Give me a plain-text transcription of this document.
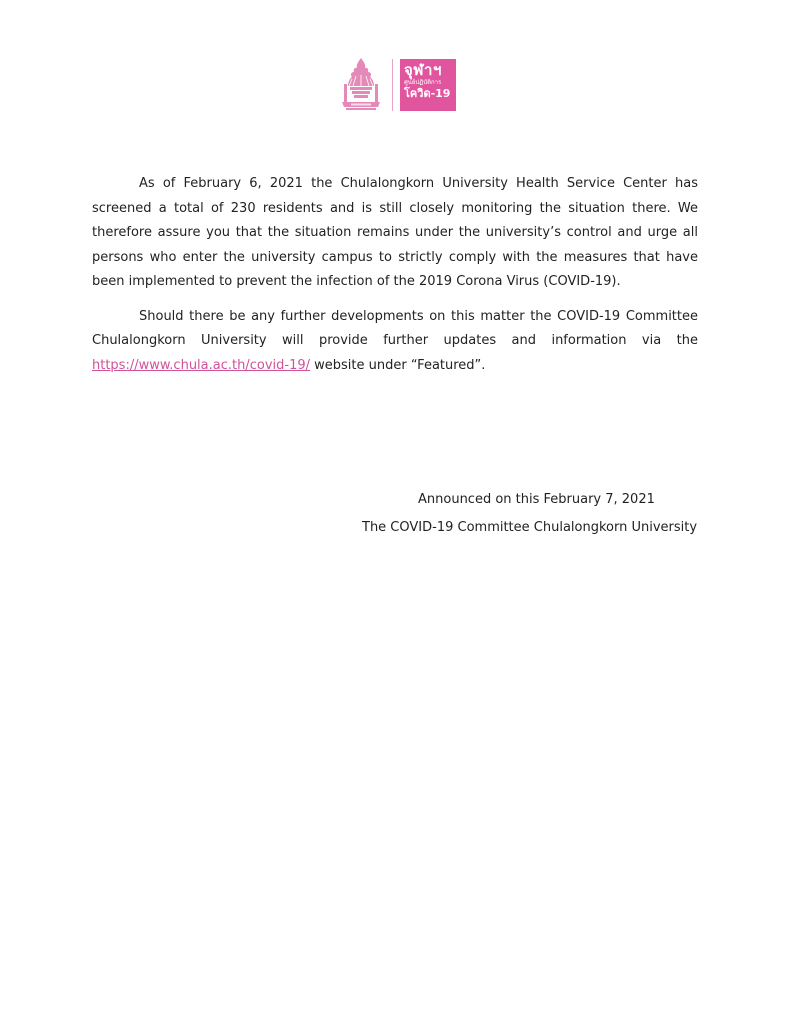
จุฬาฯ
ศูนย์ปฏิบัติการ
โควิด-19

As of February 6, 2021 the Chulalongkorn University Health Service Center has screened a total of 230 residents and is still closely monitoring the situation there. We therefore assure you that the situation remains under the university’s control and urge all persons who enter the university campus to strictly comply with the measures that have been implemented to prevent the infection of the 2019 Corona Virus (COVID-19).

Should there be any further developments on this matter the COVID-19 Committee Chulalongkorn University will provide further updates and information via the https://www.chula.ac.th/covid-19/ website under “Featured”.

Announced on this February 7, 2021
The COVID-19 Committee Chulalongkorn University
